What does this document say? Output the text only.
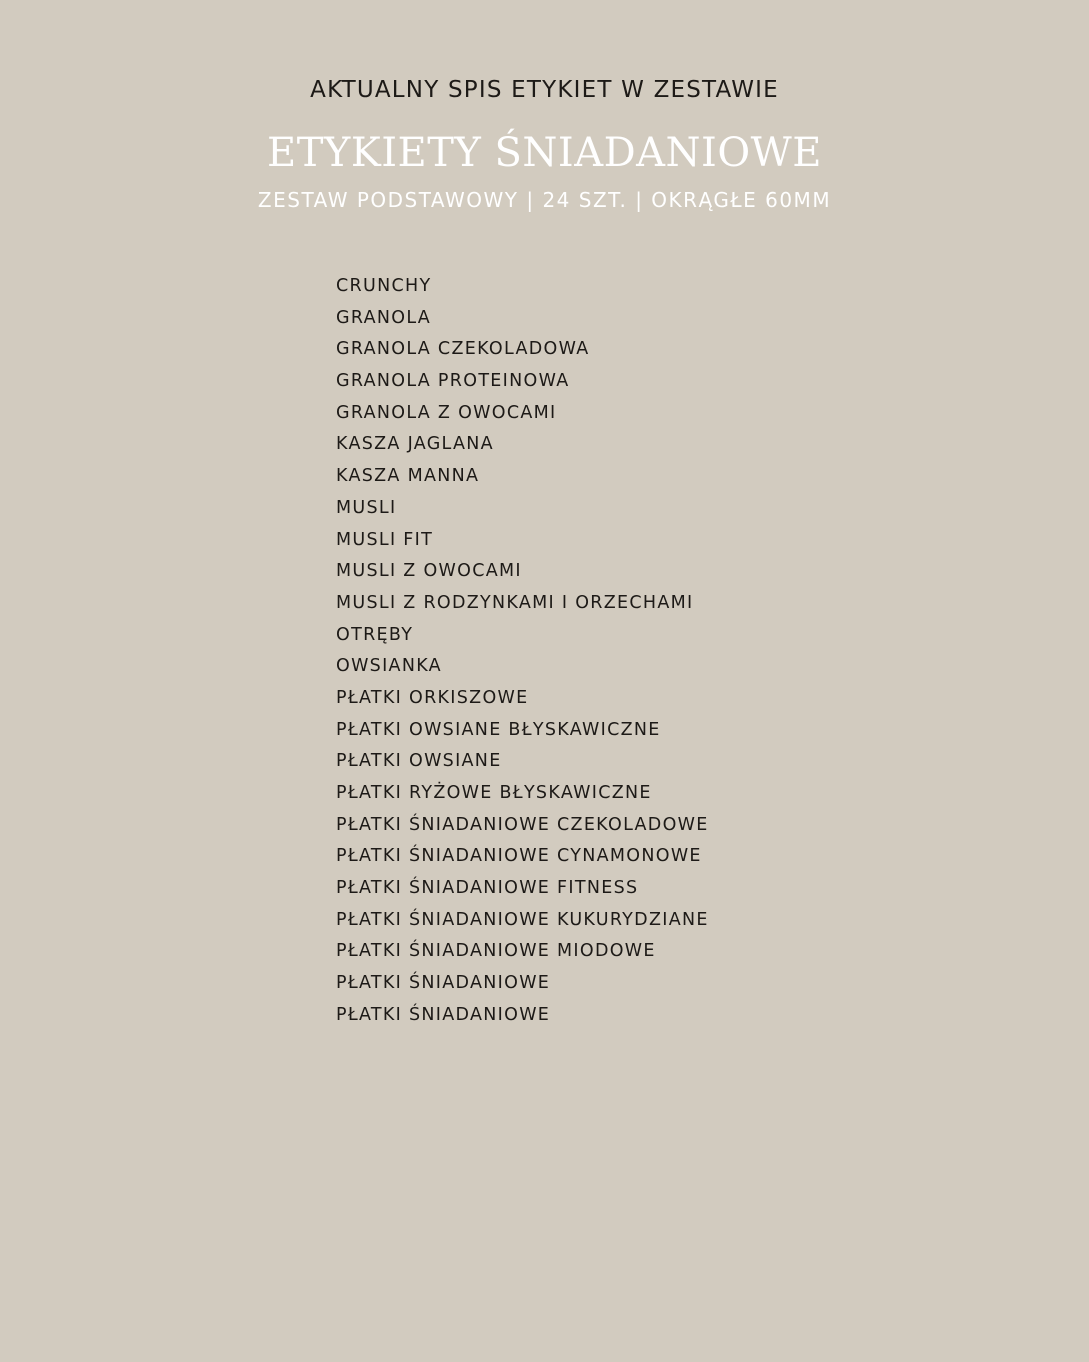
AKTUALNY SPIS ETYKIET W ZESTAWIE
ETYKIETY ŚNIADANIOWE
ZESTAW PODSTAWOWY | 24 SZT. | OKRĄGŁE 60MM
CRUNCHY
GRANOLA
GRANOLA CZEKOLADOWA
GRANOLA PROTEINOWA
GRANOLA Z OWOCAMI
KASZA JAGLANA
KASZA MANNA
MUSLI
MUSLI FIT
MUSLI Z OWOCAMI
MUSLI Z RODZYNKAMI I ORZECHAMI
OTRĘBY
OWSIANKA
PŁATKI ORKISZOWE
PŁATKI OWSIANE BŁYSKAWICZNE
PŁATKI OWSIANE
PŁATKI RYŻOWE BŁYSKAWICZNE
PŁATKI ŚNIADANIOWE CZEKOLADOWE
PŁATKI ŚNIADANIOWE CYNAMONOWE
PŁATKI ŚNIADANIOWE FITNESS
PŁATKI ŚNIADANIOWE KUKURYDZIANE
PŁATKI ŚNIADANIOWE MIODOWE
PŁATKI ŚNIADANIOWE
PŁATKI ŚNIADANIOWE
